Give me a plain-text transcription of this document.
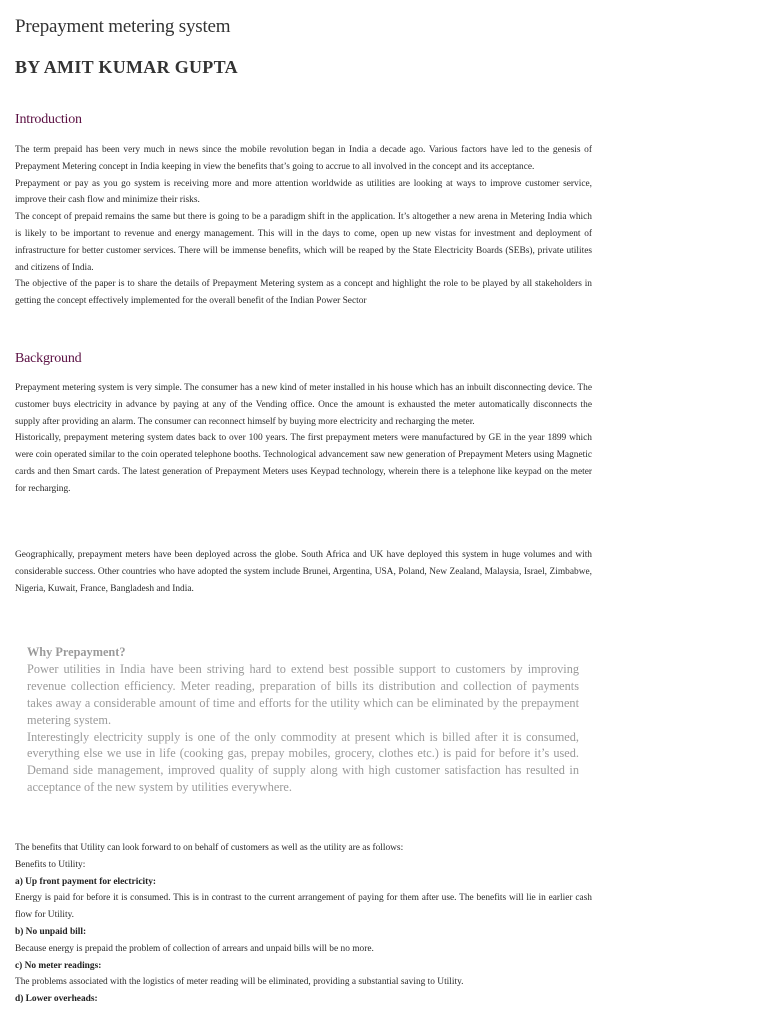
Prepayment metering system
BY AMIT KUMAR GUPTA
Introduction

The term prepaid has been very much in news since the mobile revolution began in India a decade ago. Various factors have led to the genesis of Prepayment Metering concept in India keeping in view the benefits that’s going to accrue to all involved in the concept and its acceptance.

Prepayment or pay as you go system is receiving more and more attention worldwide as utilities are looking at ways to improve customer service, improve their cash flow and minimize their risks.

The concept of prepaid remains the same but there is going to be a paradigm shift in the application. It’s altogether a new arena in Metering India which is likely to be important to revenue and energy management. This will in the days to come, open up new vistas for investment and deployment of infrastructure for better customer services. There will be immense benefits, which will be reaped by the State Electricity Boards (SEBs), private utilites and citizens of India.

The objective of the paper is to share the details of Prepayment Metering system as a concept and highlight the role to be played by all stakeholders in getting the concept effectively implemented for the overall benefit of the Indian Power Sector

Background

Prepayment metering system is very simple. The consumer has a new kind of meter installed in his house which has an inbuilt disconnecting device. The customer buys electricity in advance by paying at any of the Vending office. Once the amount is exhausted the meter automatically disconnects the supply after providing an alarm. The consumer can reconnect himself by buying more electricity and recharging the meter.

Historically, prepayment metering system dates back to over 100 years. The first prepayment meters were manufactured by GE in the year 1899 which were coin operated similar to the coin operated telephone booths. Technological advancement saw new generation of Prepayment Meters using Magnetic cards and then Smart cards. The latest generation of Prepayment Meters uses Keypad technology, wherein there is a telephone like keypad on the meter for recharging.

Geographically, prepayment meters have been deployed across the globe. South Africa and UK have deployed this system in huge volumes and with considerable success. Other countries who have adopted the system include Brunei, Argentina, USA, Poland, New Zealand, Malaysia, Israel, Zimbabwe, Nigeria, Kuwait, France, Bangladesh and India.

Why Prepayment?

Power utilities in India have been striving hard to extend best possible support to customers by improving revenue collection efficiency. Meter reading, preparation of bills its distribution and collection of payments takes away a considerable amount of time and efforts for the utility which can be eliminated by the prepayment metering system.

Interestingly electricity supply is one of the only commodity at present which is billed after it is consumed, everything else we use in life (cooking gas, prepay mobiles, grocery, clothes etc.) is paid for before it’s used. Demand side management, improved quality of supply along with high customer satisfaction has resulted in acceptance of the new system by utilities everywhere.

The benefits that Utility can look forward to on behalf of customers as well as the utility are as follows:

Benefits to Utility:

a) Up front payment for electricity:

Energy is paid for before it is consumed. This is in contrast to the current arrangement of paying for them after use. The benefits will lie in earlier cash flow for Utility.

b) No unpaid bill:

Because energy is prepaid the problem of collection of arrears and unpaid bills will be no more.

c) No meter readings:

The problems associated with the logistics of meter reading will be eliminated, providing a substantial saving to Utility.

d) Lower overheads:
